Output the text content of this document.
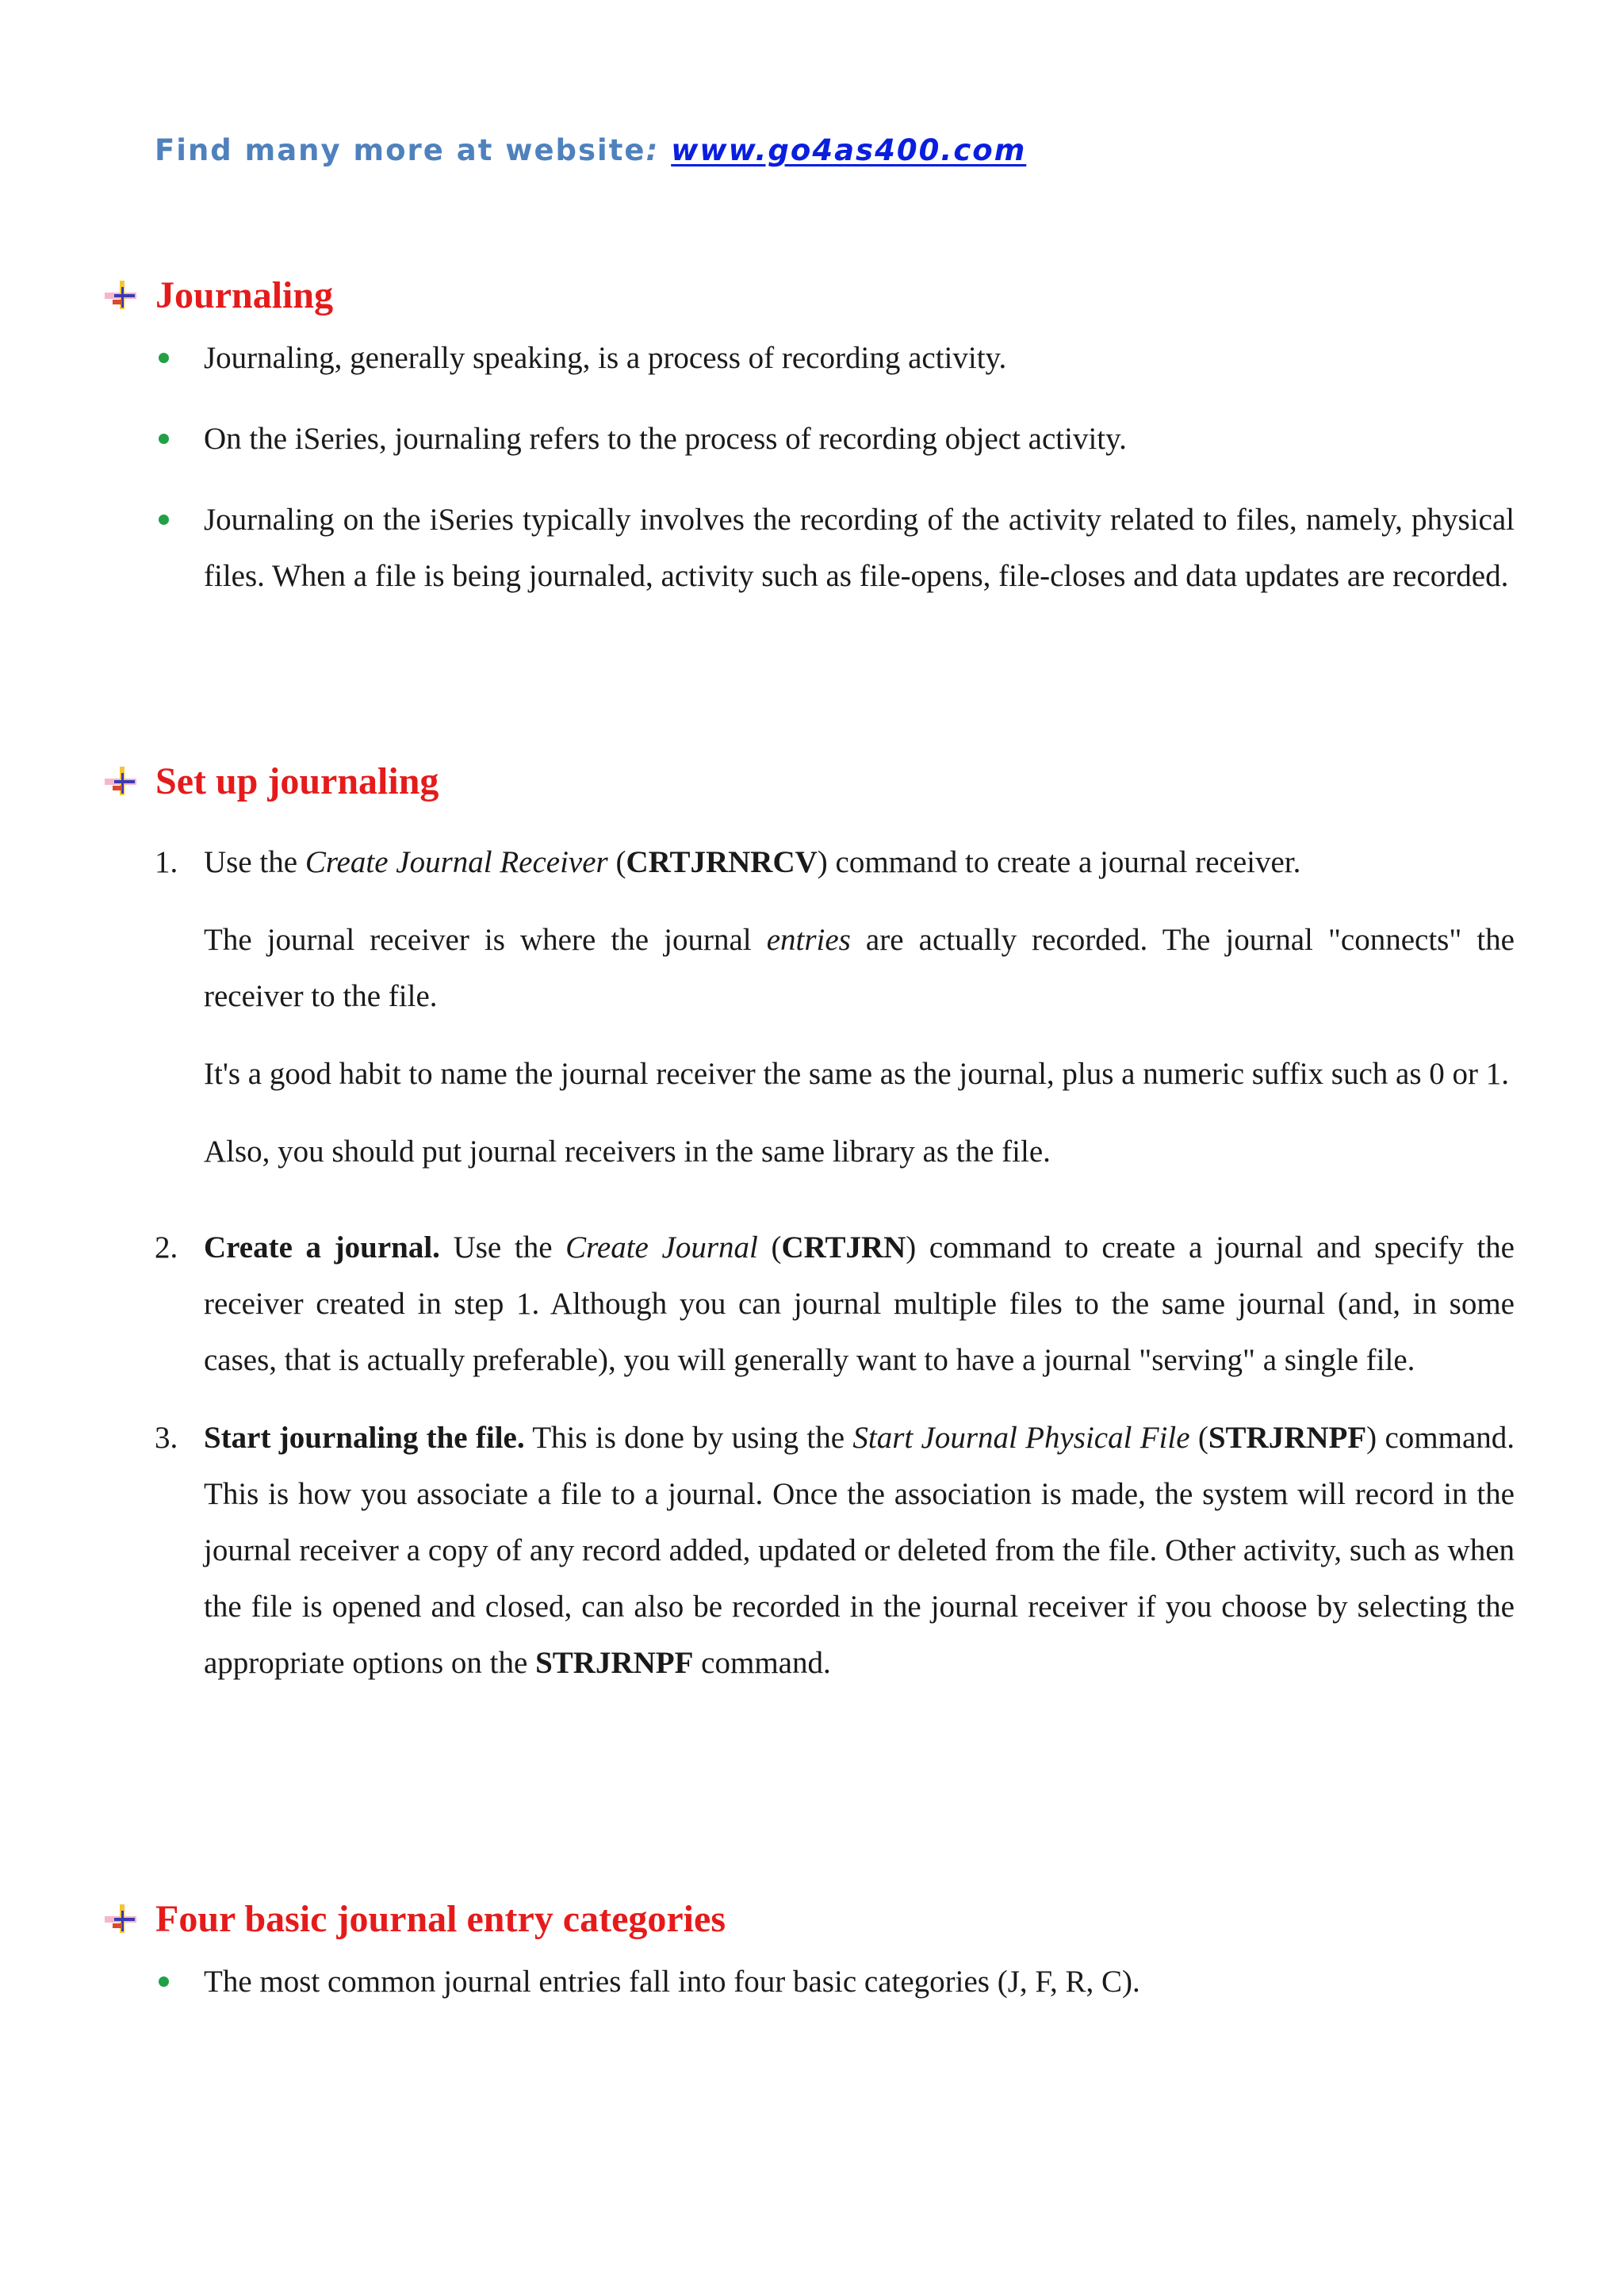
Find many more at website: www.go4as400.com
Journaling
Journaling, generally speaking, is a process of recording activity.
On the iSeries, journaling refers to the process of recording object activity.
Journaling on the iSeries typically involves the recording of the activity related to files, namely, physical files. When a file is being journaled, activity such as file-opens, file-closes and data updates are recorded.
Set up journaling
1. Use the Create Journal Receiver (CRTJRNRCV) command to create a journal receiver.

The journal receiver is where the journal entries are actually recorded. The journal "connects" the receiver to the file.

It's a good habit to name the journal receiver the same as the journal, plus a numeric suffix such as 0 or 1.

Also, you should put journal receivers in the same library as the file.

2. Create a journal. Use the Create Journal (CRTJRN) command to create a journal and specify the receiver created in step 1. Although you can journal multiple files to the same journal (and, in some cases, that is actually preferable), you will generally want to have a journal "serving" a single file.

3. Start journaling the file. This is done by using the Start Journal Physical File (STRJRNPF) command. This is how you associate a file to a journal. Once the association is made, the system will record in the journal receiver a copy of any record added, updated or deleted from the file. Other activity, such as when the file is opened and closed, can also be recorded in the journal receiver if you choose by selecting the appropriate options on the STRJRNPF command.

Four basic journal entry categories
The most common journal entries fall into four basic categories (J, F, R, C).
